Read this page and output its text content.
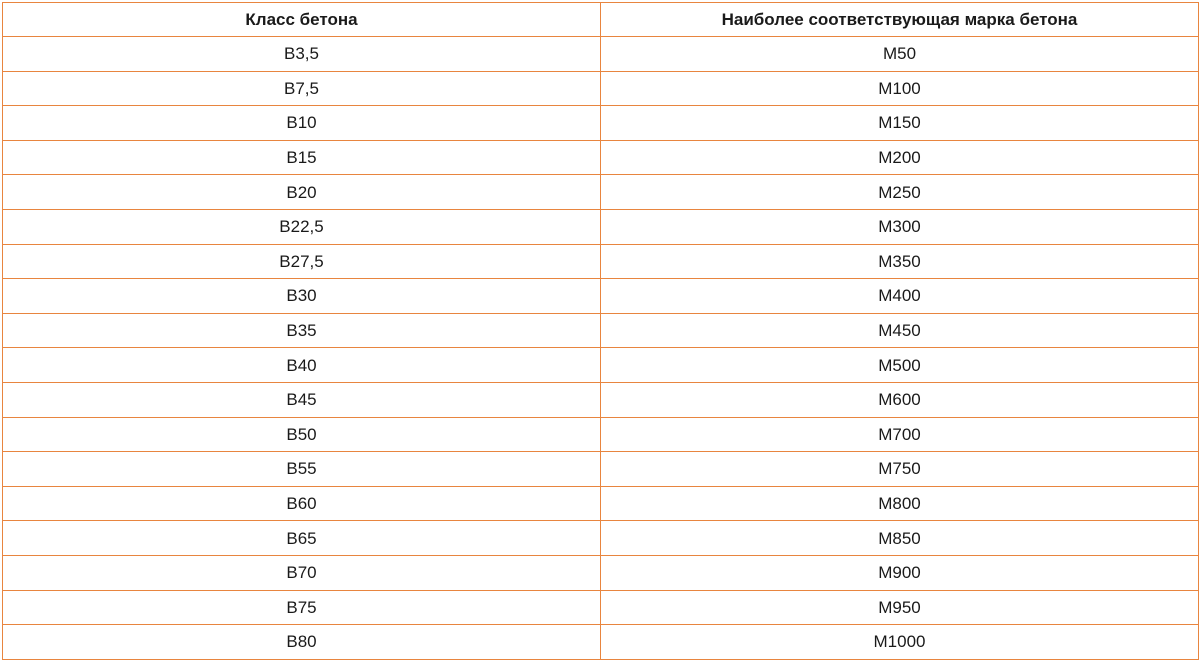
Класс бетона	Наиболее соответствующая марка бетона
B3,5	M50
B7,5	M100
B10	M150
B15	M200
B20	M250
B22,5	M300
B27,5	M350
B30	M400
B35	M450
B40	M500
B45	M600
B50	M700
B55	M750
B60	M800
B65	M850
B70	M900
B75	M950
B80	M1000
